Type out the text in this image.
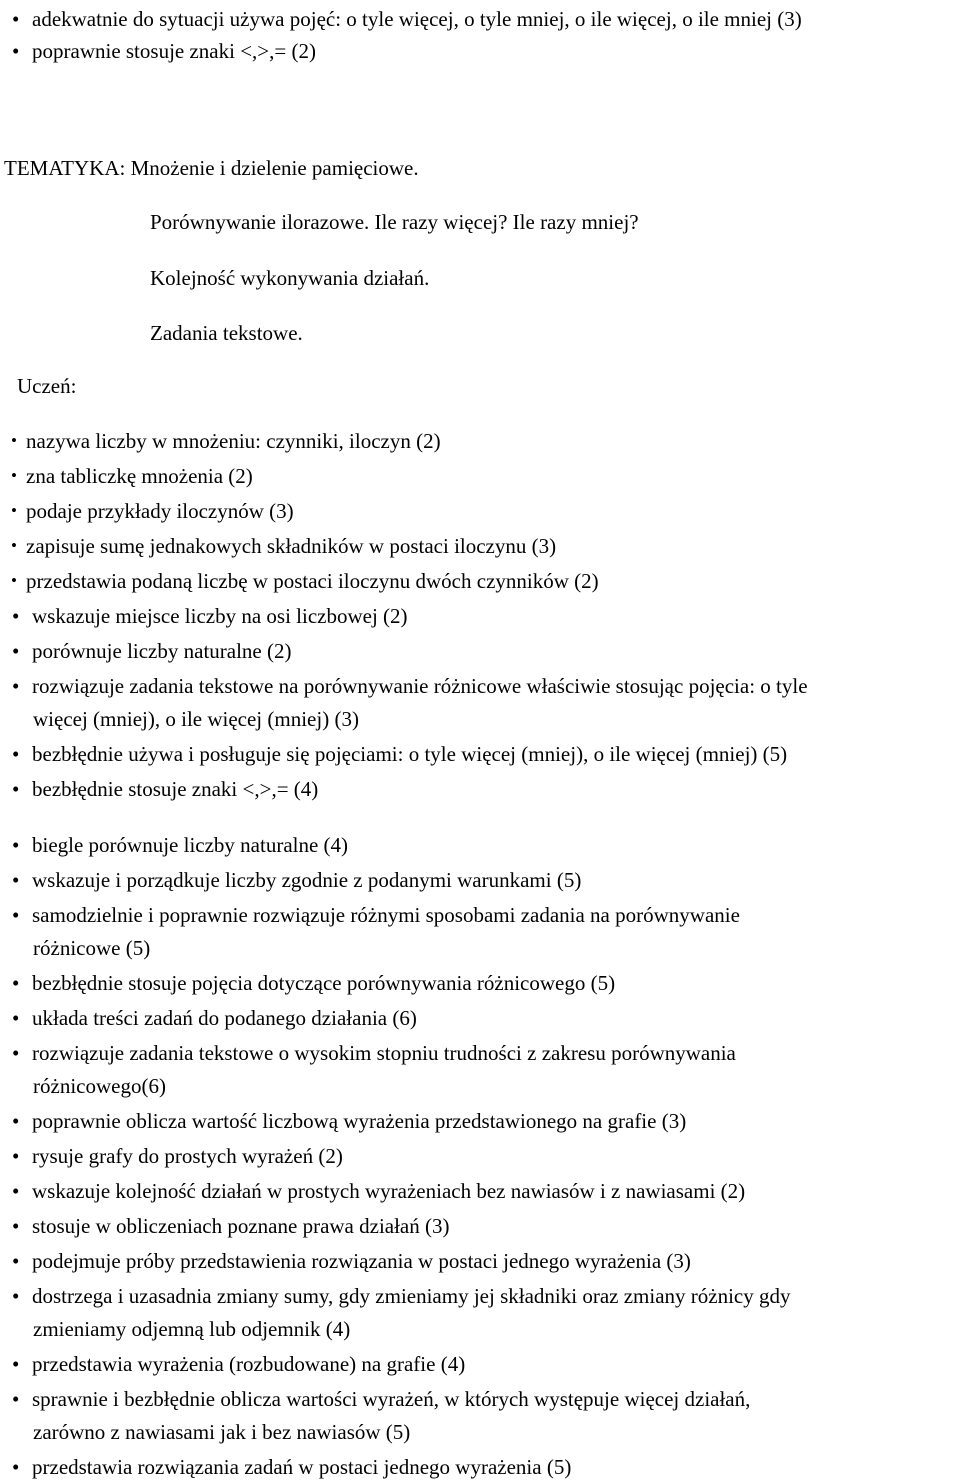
• adekwatnie do sytuacji używa pojęć: o tyle więcej, o tyle mniej, o ile więcej, o ile mniej (3)
• poprawnie stosuje znaki <,>,= (2)
TEMATYKA: Mnożenie i dzielenie pamięciowe.
Porównywanie ilorazowe. Ile razy więcej? Ile razy mniej?
Kolejność wykonywania działań.
Zadania tekstowe.
Uczeń:
• nazywa liczby w mnożeniu: czynniki, iloczyn (2)
• zna tabliczkę mnożenia (2)
• podaje przykłady iloczynów (3)
• zapisuje sumę jednakowych składników w postaci iloczynu (3)
• przedstawia podaną liczbę w postaci iloczynu dwóch czynników (2)
• wskazuje miejsce liczby na osi liczbowej (2)
• porównuje liczby naturalne (2)
• rozwiązuje zadania tekstowe na porównywanie różnicowe właściwie stosując pojęcia: o tyle
więcej (mniej), o ile więcej (mniej) (3)
• bezbłędnie używa i posługuje się pojęciami: o tyle więcej (mniej), o ile więcej (mniej) (5)
• bezbłędnie stosuje znaki <,>,= (4)
• biegle porównuje liczby naturalne (4)
• wskazuje i porządkuje liczby zgodnie z podanymi warunkami (5)
• samodzielnie i poprawnie rozwiązuje różnymi sposobami zadania na porównywanie
różnicowe (5)
• bezbłędnie stosuje pojęcia dotyczące porównywania różnicowego (5)
• układa treści zadań do podanego działania (6)
• rozwiązuje zadania tekstowe o wysokim stopniu trudności z zakresu porównywania
różnicowego(6)
• poprawnie oblicza wartość liczbową wyrażenia przedstawionego na grafie (3)
• rysuje grafy do prostych wyrażeń (2)
• wskazuje kolejność działań w prostych wyrażeniach bez nawiasów i z nawiasami (2)
• stosuje w obliczeniach poznane prawa działań (3)
• podejmuje próby przedstawienia rozwiązania w postaci jednego wyrażenia (3)
• dostrzega i uzasadnia zmiany sumy, gdy zmieniamy jej składniki oraz zmiany różnicy gdy
zmieniamy odjemną lub odjemnik (4)
• przedstawia wyrażenia (rozbudowane) na grafie (4)
• sprawnie i bezbłędnie oblicza wartości wyrażeń, w których występuje więcej działań,
zarówno z nawiasami jak i bez nawiasów (5)
• przedstawia rozwiązania zadań w postaci jednego wyrażenia (5)
